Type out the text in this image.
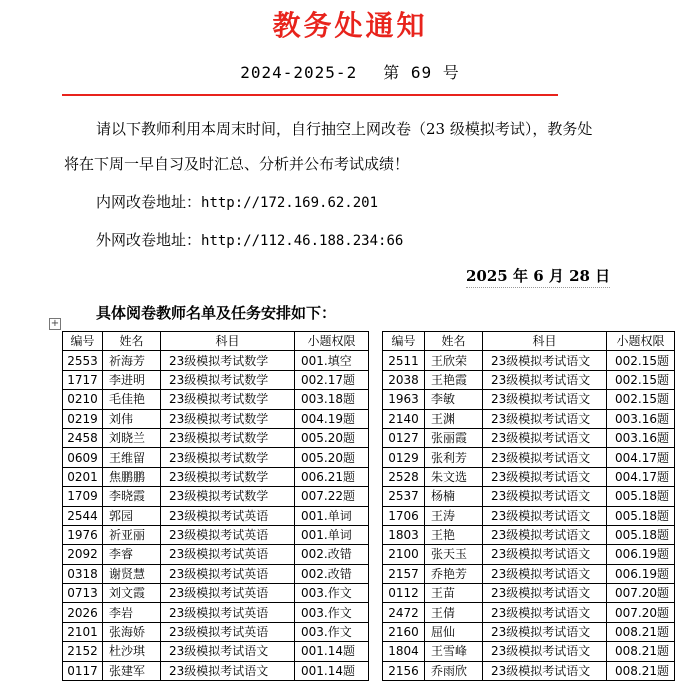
教务处通知
2024-2025-2 第 69 号
请以下教师利用本周末时间，自行抽空上网改卷（23 级模拟考试），教务处
将在下周一早自习及时汇总、分析并公布考试成绩！
内网改卷地址：http://172.169.62.201
外网改卷地址：http://112.46.188.234:66
2025 年 6 月 28 日
具体阅卷教师名单及任务安排如下：
+
编号	姓名	科目	小题权限
2553	祈海芳	23级模拟考试数学	001.填空
1717	李进明	23级模拟考试数学	002.17题
0210	毛佳艳	23级模拟考试数学	003.18题
0219	刘伟	23级模拟考试数学	004.19题
2458	刘晓兰	23级模拟考试数学	005.20题
0609	王维留	23级模拟考试数学	005.20题
0201	焦鹏鹏	23级模拟考试数学	006.21题
1709	李晓霞	23级模拟考试数学	007.22题
2544	郭园	23级模拟考试英语	001.单词
1976	祈亚丽	23级模拟考试英语	001.单词
2092	李睿	23级模拟考试英语	002.改错
0318	谢贤慧	23级模拟考试英语	002.改错
0713	刘文霞	23级模拟考试英语	003.作文
2026	李岩	23级模拟考试英语	003.作文
2101	张海娇	23级模拟考试英语	003.作文
2152	杜沙琪	23级模拟考试语文	001.14题
0117	张建军	23级模拟考试语文	001.14题
编号	姓名	科目	小题权限
2511	王欣荣	23级模拟考试语文	002.15题
2038	王艳霞	23级模拟考试语文	002.15题
1963	李敏	23级模拟考试语文	002.15题
2140	王渊	23级模拟考试语文	003.16题
0127	张丽霞	23级模拟考试语文	003.16题
0129	张利芳	23级模拟考试语文	004.17题
2528	朱文选	23级模拟考试语文	004.17题
2537	杨楠	23级模拟考试语文	005.18题
1706	王涛	23级模拟考试语文	005.18题
1803	王艳	23级模拟考试语文	005.18题
2100	张天玉	23级模拟考试语文	006.19题
2157	乔艳芳	23级模拟考试语文	006.19题
0112	王苗	23级模拟考试语文	007.20题
2472	王倩	23级模拟考试语文	007.20题
2160	屈仙	23级模拟考试语文	008.21题
1804	王雪峰	23级模拟考试语文	008.21题
2156	乔雨欣	23级模拟考试语文	008.21题
